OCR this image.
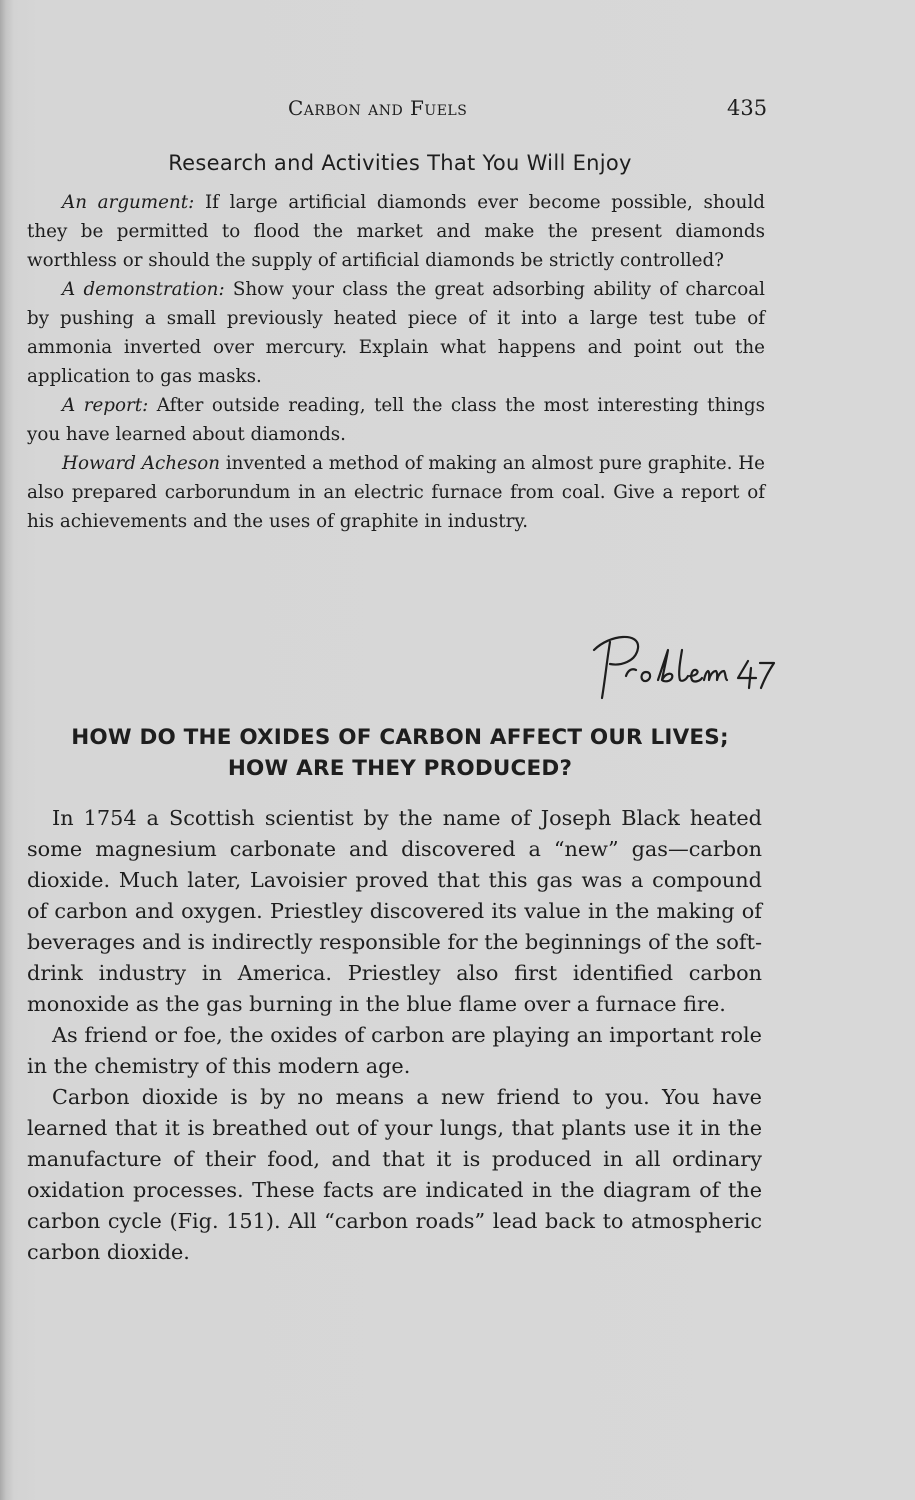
Carbon and Fuels	435
Research and Activities That You Will Enjoy

An argument: If large artificial diamonds ever become possible, should they be permitted to flood the market and make the present diamonds worthless or should the supply of artificial diamonds be strictly controlled?

A demonstration: Show your class the great adsorbing ability of charcoal by pushing a small previously heated piece of it into a large test tube of ammonia inverted over mercury. Explain what happens and point out the application to gas masks.

A report: After outside reading, tell the class the most interesting things you have learned about diamonds.

Howard Acheson invented a method of making an almost pure graphite. He also prepared carborundum in an electric furnace from coal. Give a report of his achievements and the uses of graphite in industry.

HOW DO THE OXIDES OF CARBON AFFECT OUR LIVES;
HOW ARE THEY PRODUCED?

In 1754 a Scottish scientist by the name of Joseph Black heated some magnesium carbonate and discovered a “new” gas—carbon dioxide. Much later, Lavoisier proved that this gas was a compound of carbon and oxygen. Priestley discovered its value in the making of beverages and is indirectly responsible for the beginnings of the soft-drink industry in America. Priestley also first identified carbon monoxide as the gas burning in the blue flame over a furnace fire.

As friend or foe, the oxides of carbon are playing an important role in the chemistry of this modern age.

Carbon dioxide is by no means a new friend to you. You have learned that it is breathed out of your lungs, that plants use it in the manufacture of their food, and that it is produced in all ordinary oxidation processes. These facts are indicated in the diagram of the carbon cycle (Fig. 151). All “carbon roads” lead back to atmospheric carbon dioxide.
